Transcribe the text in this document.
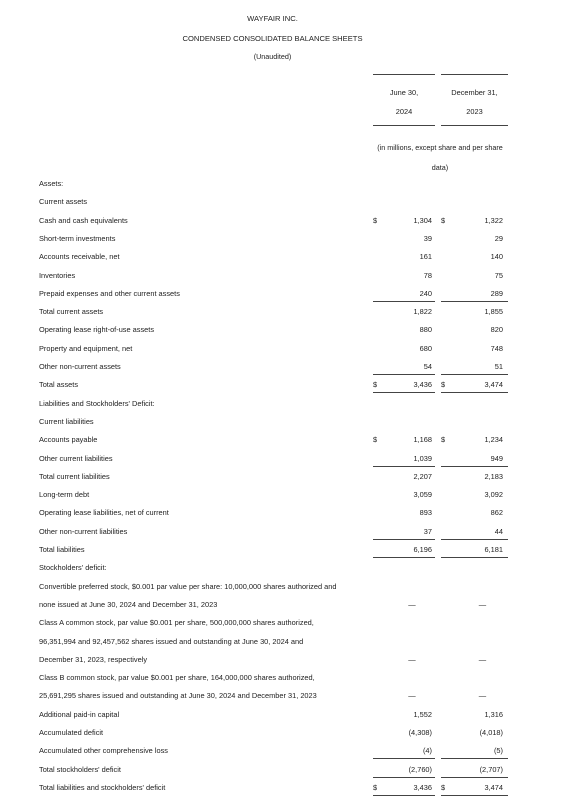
WAYFAIR INC.
CONDENSED CONSOLIDATED BALANCE SHEETS
(Unaudited)
June 30,
2024
December 31,
2023
(in millions, except share and per share data)
Assets:
Current assets
Cash and cash equivalents	$	1,304 $	1,322
Short-term investments	39	29
Accounts receivable, net	161	140
Inventories	78	75
Prepaid expenses and other current assets	240	289
Total current assets	1,822	1,855
Operating lease right-of-use assets	880	820
Property and equipment, net	680	748
Other non-current assets	54	51
Total assets	$	3,436 $	3,474
Liabilities and Stockholders' Deficit:
Current liabilities
Accounts payable	$	1,168 $	1,234
Other current liabilities	1,039	949
Total current liabilities	2,207	2,183
Long-term debt	3,059	3,092
Operating lease liabilities, net of current	893	862
Other non-current liabilities	37	44
Total liabilities	6,196	6,181
Stockholders' deficit:
Convertible preferred stock, $0.001 par value per share: 10,000,000 shares authorized and
none issued at June 30, 2024 and December 31, 2023	—	—
Class A common stock, par value $0.001 per share, 500,000,000 shares authorized,
96,351,994 and 92,457,562 shares issued and outstanding at June 30, 2024 and
December 31, 2023, respectively	—	—
Class B common stock, par value $0.001 per share, 164,000,000 shares authorized,
25,691,295 shares issued and outstanding at June 30, 2024 and December 31, 2023	—	—
Additional paid-in capital	1,552	1,316
Accumulated deficit	(4,308)	(4,018)
Accumulated other comprehensive loss	(4)	(5)
Total stockholders' deficit	(2,760)	(2,707)
Total liabilities and stockholders' deficit	$	3,436 $	3,474
